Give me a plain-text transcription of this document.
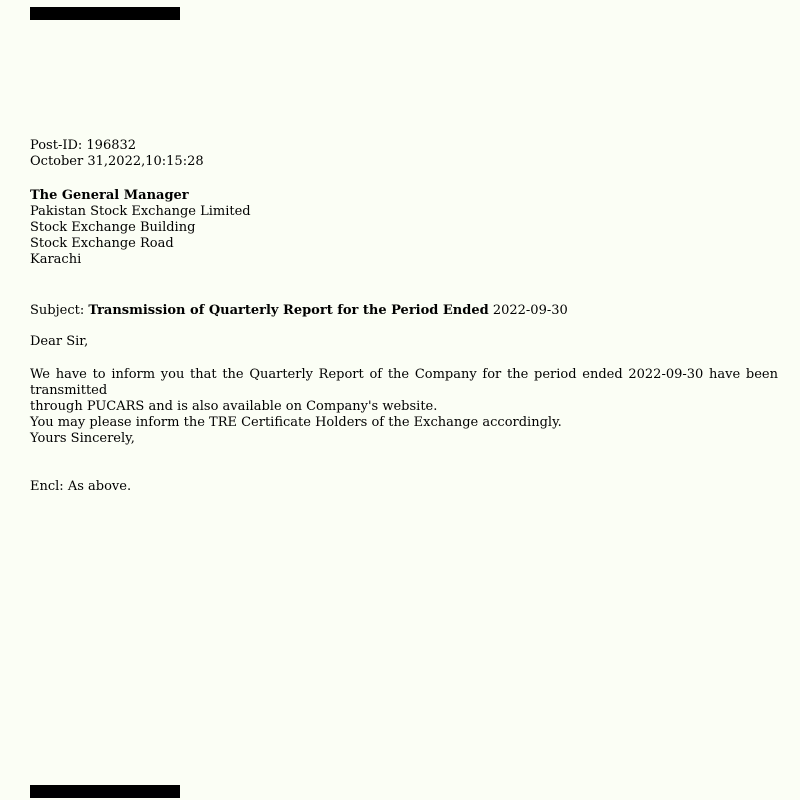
Post-ID: 196832
October 31,2022,10:15:28
The General Manager
Pakistan Stock Exchange Limited
Stock Exchange Building
Stock Exchange Road
Karachi
Subject: Transmission of Quarterly Report for the Period Ended 2022-09-30
Dear Sir,
We have to inform you that the Quarterly Report of the Company for the period ended 2022-09-30 have been transmitted
through PUCARS and is also available on Company's website.
You may please inform the TRE Certificate Holders of the Exchange accordingly.
Yours Sincerely,
Encl: As above.
